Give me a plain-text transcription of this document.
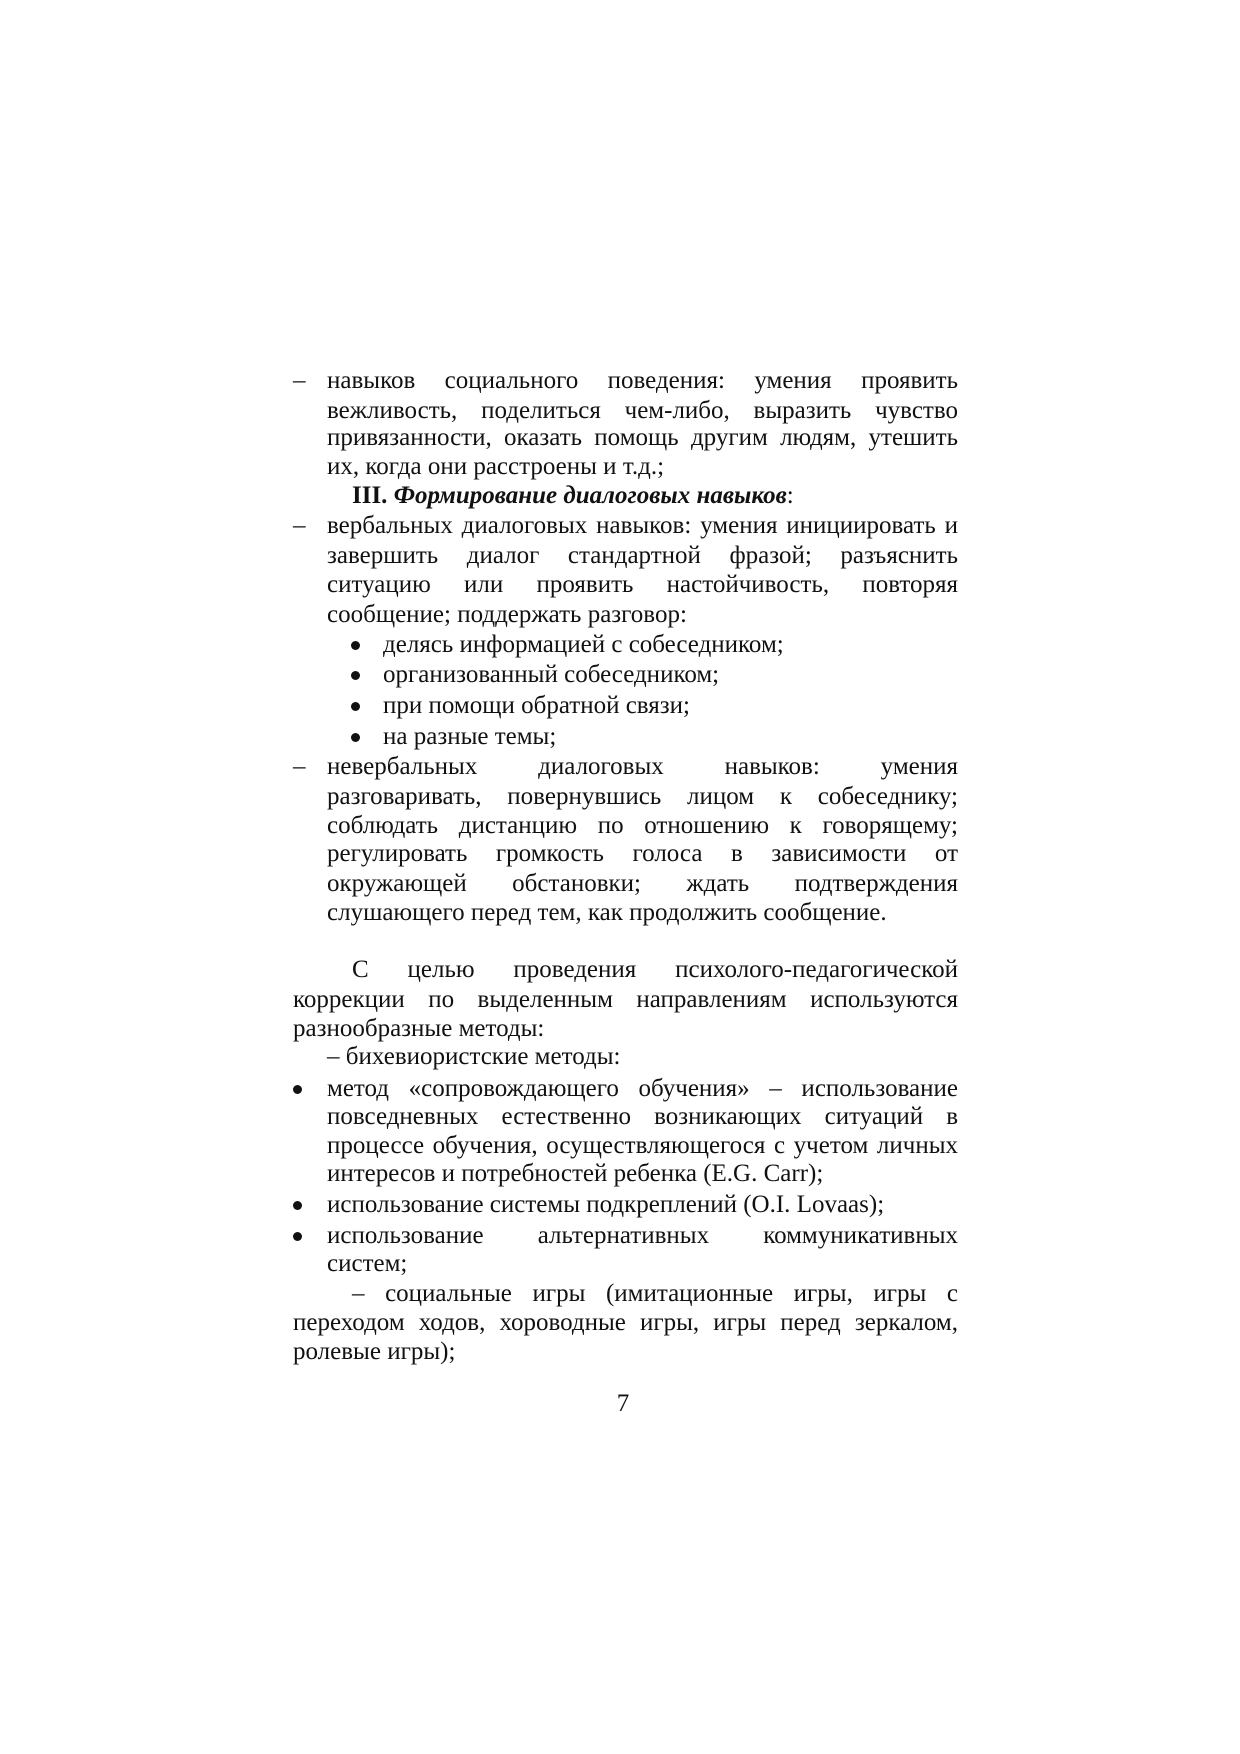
– навыков социального поведения: умения проявить
вежливость, поделиться чем-либо, выразить чувство
привязанности, оказать помощь другим людям, утешить
их, когда они расстроены и т.д.;
III. Формирование диалоговых навыков:
– вербальных диалоговых навыков: умения инициировать и
завершить диалог стандартной фразой; разъяснить
ситуацию или проявить настойчивость, повторяя
сообщение; поддержать разговор:
делясь информацией с собеседником;
организованный собеседником;
при помощи обратной связи;
на разные темы;
– невербальных диалоговых навыков: умения
разговаривать, повернувшись лицом к собеседнику;
соблюдать дистанцию по отношению к говорящему;
регулировать громкость голоса в зависимости от
окружающей обстановки; ждать подтверждения
слушающего перед тем, как продолжить сообщение.
С целью проведения психолого-педагогической
коррекции по выделенным направлениям используются
разнообразные методы:
– бихевиористские методы:
метод «сопровождающего обучения» – использование
повседневных естественно возникающих ситуаций в
процессе обучения, осуществляющегося с учетом личных
интересов и потребностей ребенка (E.G. Carr);
использование системы подкреплений (O.I. Lovaas);
использование альтернативных коммуникативных
систем;
– социальные игры (имитационные игры, игры с
переходом ходов, хороводные игры, игры перед зеркалом,
ролевые игры);
7
